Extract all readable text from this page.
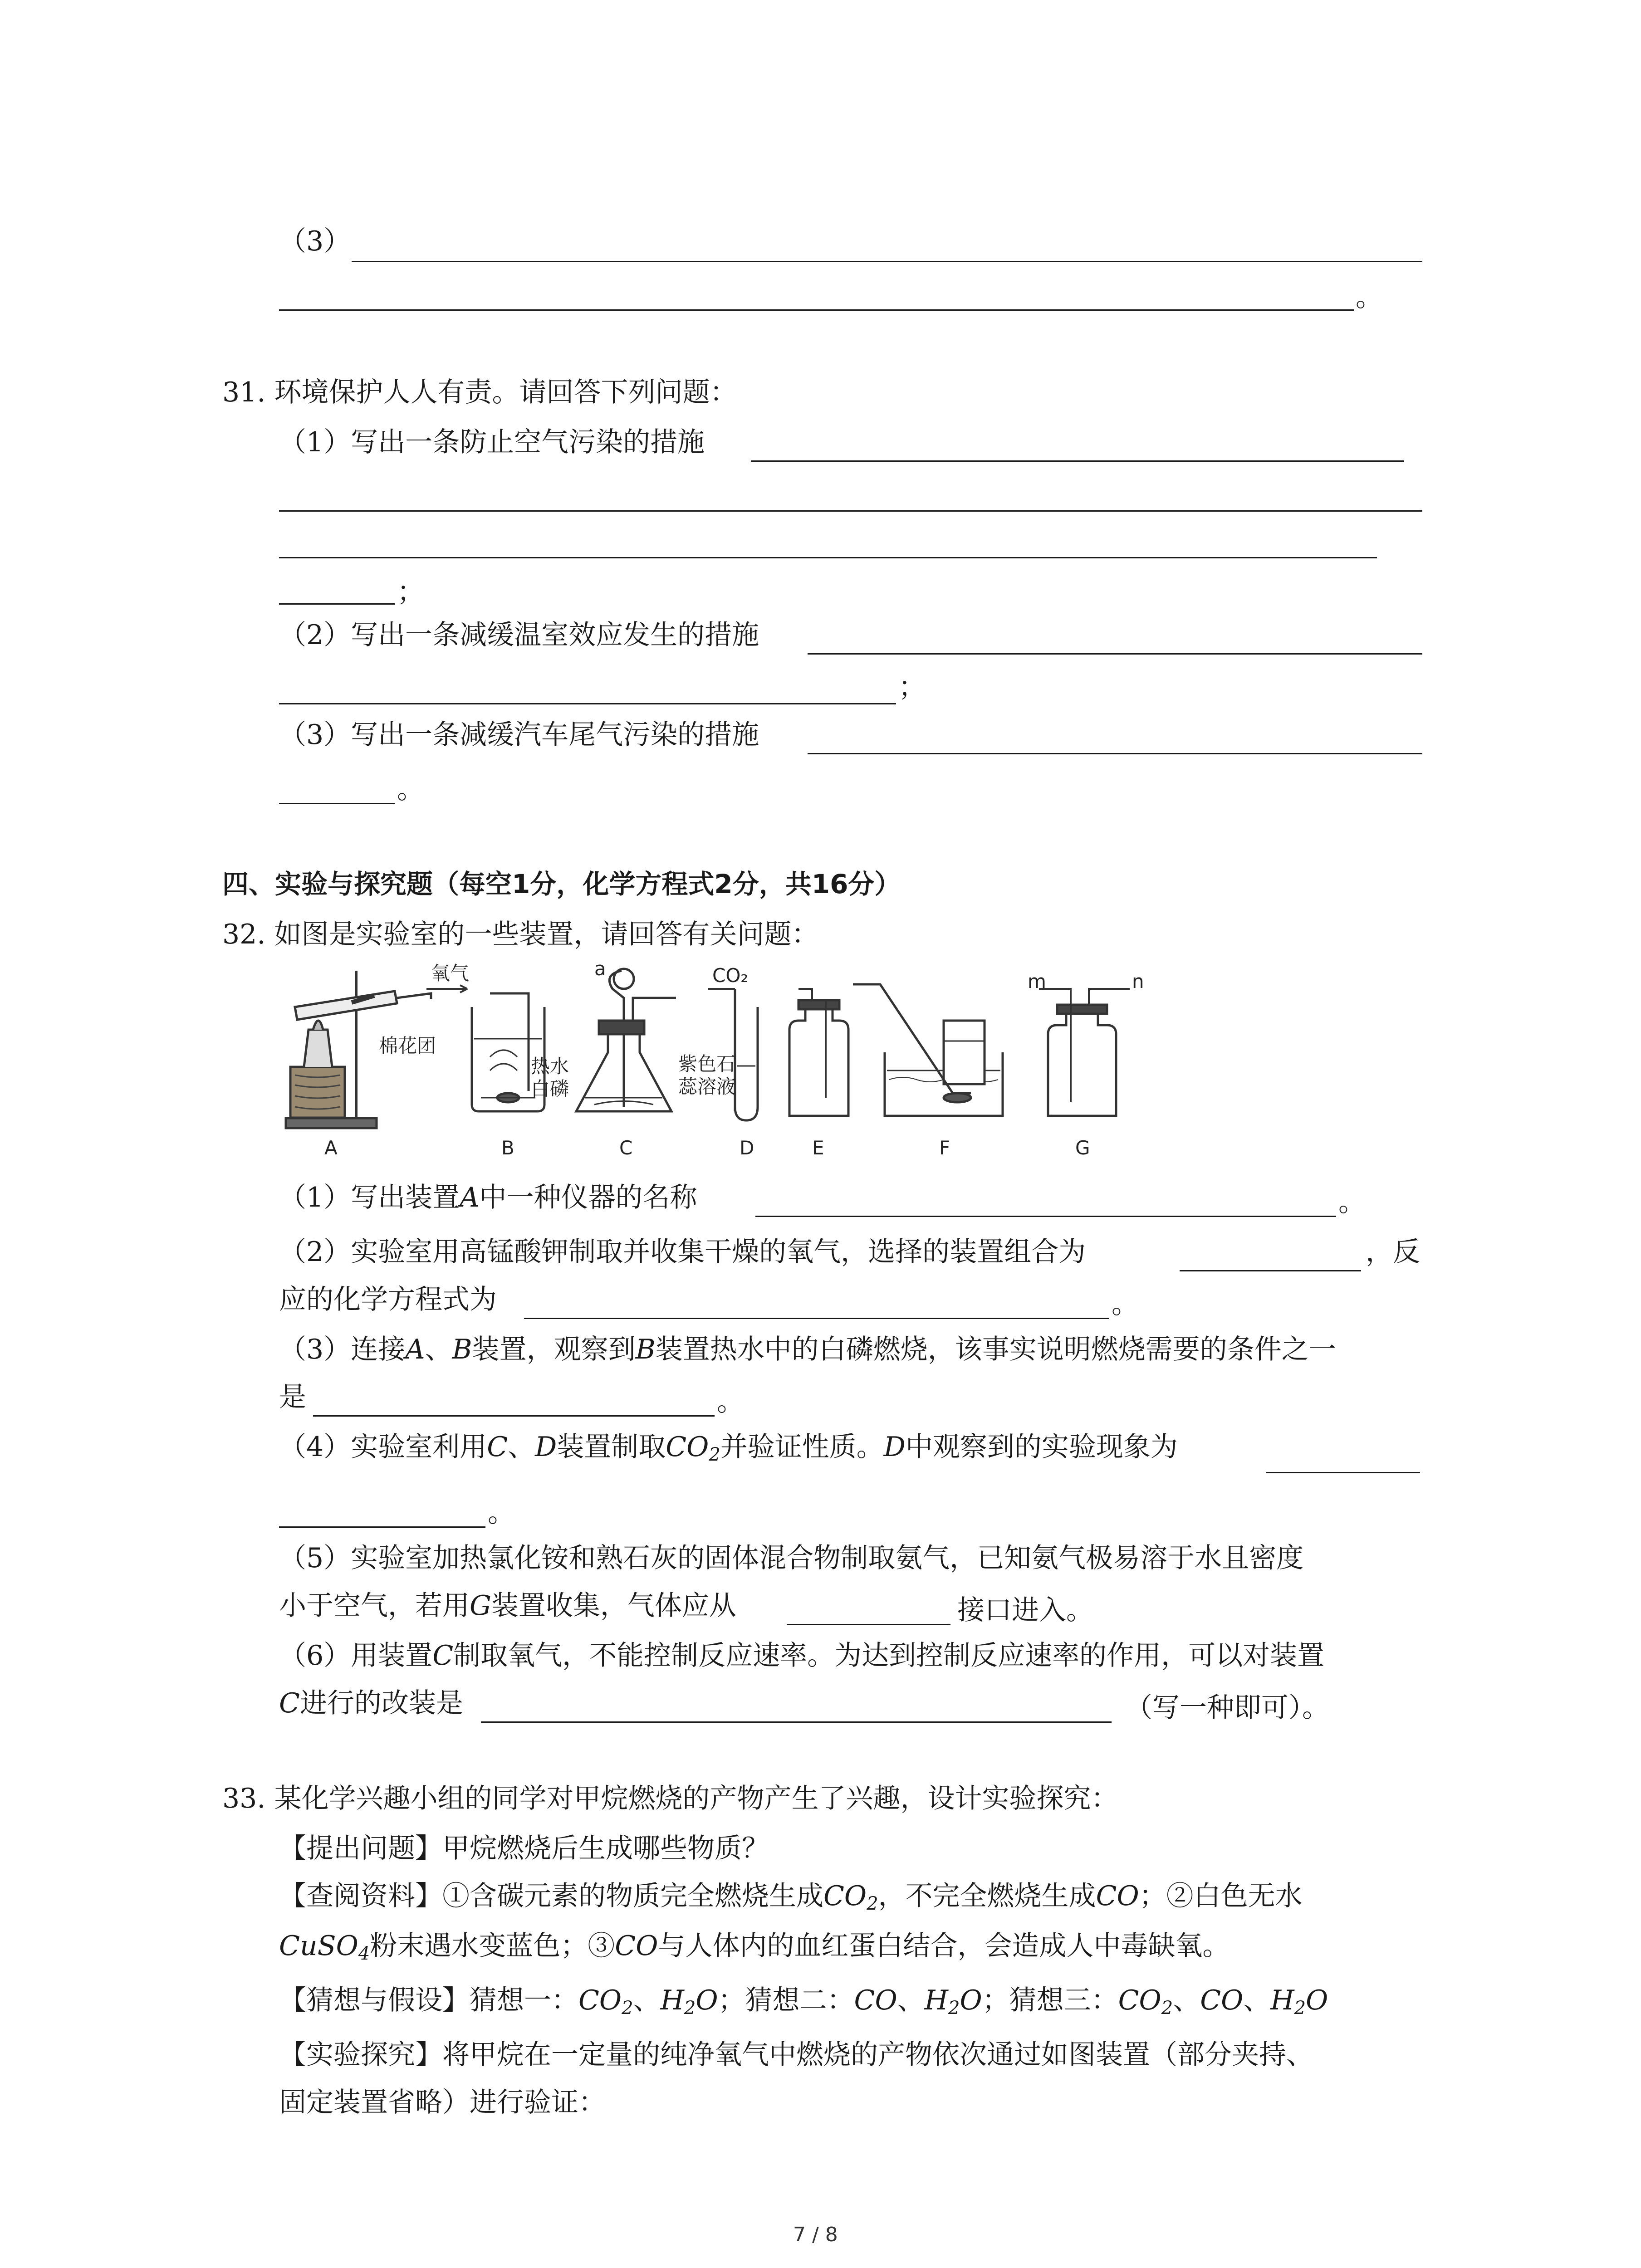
（3）
。
31. 环境保护人人有责。请回答下列问题：
（1）写出一条防止空气污染的措施
；
（2）写出一条减缓温室效应发生的措施
；
（3）写出一条减缓汽车尾气污染的措施
。
四、实验与探究题（每空1分，化学方程式2分，共16分）
32. 如图是实验室的一些装置，请回答有关问题：
氧气
棉花团
热水
白磷
a	CO₂
紫色石
蕊溶液
m	n
A	B	C	D	E	F	G
（1）写出装置A中一种仪器的名称	。
（2）实验室用高锰酸钾制取并收集干燥的氧气，选择的装置组合为	，反
应的化学方程式为	。
（3）连接A、B装置，观察到B装置热水中的白磷燃烧，该事实说明燃烧需要的条件之一
是	。
（4）实验室利用C、D装置制取$CO_2$并验证性质。D中观察到的实验现象为
。
（5）实验室加热氯化铵和熟石灰的固体混合物制取氨气，已知氨气极易溶于水且密度
小于空气，若用G装置收集，气体应从	接口进入。
（6）用装置C制取氧气，不能控制反应速率。为达到控制反应速率的作用，可以对装置
C进行的改装是	（写一种即可）。
33. 某化学兴趣小组的同学对甲烷燃烧的产物产生了兴趣，设计实验探究：
【提出问题】甲烷燃烧后生成哪些物质？
【查阅资料】①含碳元素的物质完全燃烧生成$CO_2$，不完全燃烧生成CO；②白色无水
CuSO$_4$粉末遇水变蓝色；③CO与人体内的血红蛋白结合，会造成人中毒缺氧。
【猜想与假设】猜想一：$CO_2$、$H_2O$；猜想二：CO、$H_2O$；猜想三：$CO_2$、CO、$H_2O$
【实验探究】将甲烷在一定量的纯净氧气中燃烧的产物依次通过如图装置（部分夹持、
固定装置省略）进行验证：
7 / 8
